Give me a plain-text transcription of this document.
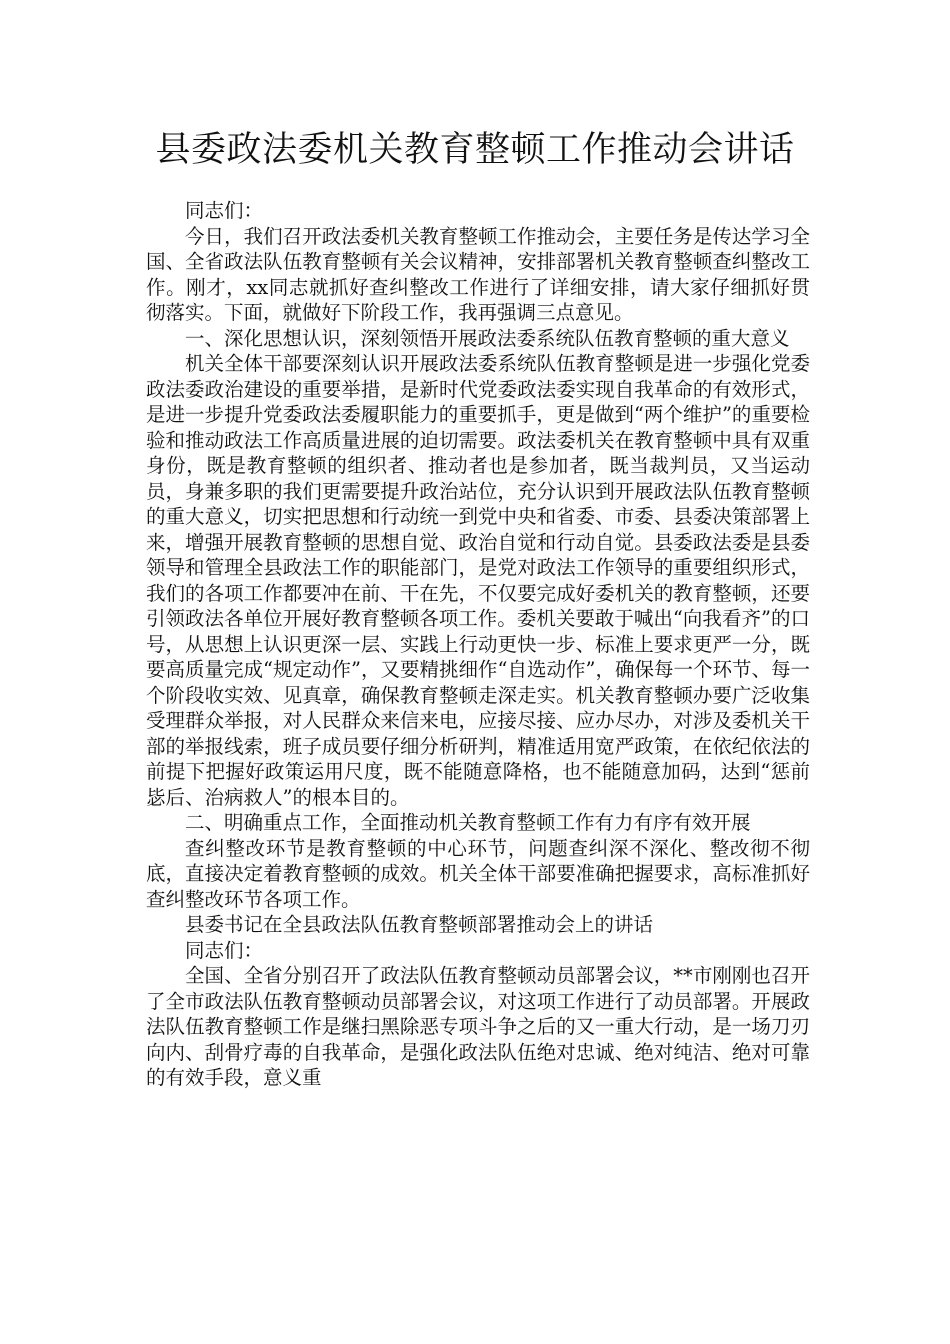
县委政法委机关教育整顿工作推动会讲话

同志们：

今日，我们召开政法委机关教育整顿工作推动会，主要任务是传达学习全国、全省政法队伍教育整顿有关会议精神，安排部署机关教育整顿查纠整改工作。刚才，xx同志就抓好查纠整改工作进行了详细安排，请大家仔细抓好贯彻落实。下面，就做好下阶段工作，我再强调三点意见。

一、深化思想认识，深刻领悟开展政法委系统队伍教育整顿的重大意义

机关全体干部要深刻认识开展政法委系统队伍教育整顿是进一步强化党委政法委政治建设的重要举措，是新时代党委政法委实现自我革命的有效形式，是进一步提升党委政法委履职能力的重要抓手，更是做到“两个维护”的重要检验和推动政法工作高质量进展的迫切需要。政法委机关在教育整顿中具有双重身份，既是教育整顿的组织者、推动者也是参加者，既当裁判员，又当运动员，身兼多职的我们更需要提升政治站位，充分认识到开展政法队伍教育整顿的重大意义，切实把思想和行动统一到党中央和省委、市委、县委决策部署上来，增强开展教育整顿的思想自觉、政治自觉和行动自觉。县委政法委是县委领导和管理全县政法工作的职能部门，是党对政法工作领导的重要组织形式，我们的各项工作都要冲在前、干在先，不仅要完成好委机关的教育整顿，还要引领政法各单位开展好教育整顿各项工作。委机关要敢于喊出“向我看齐”的口号，从思想上认识更深一层、实践上行动更快一步、标准上要求更严一分，既要高质量完成“规定动作”，又要精挑细作“自选动作”，确保每一个环节、每一个阶段收实效、见真章，确保教育整顿走深走实。机关教育整顿办要广泛收集受理群众举报，对人民群众来信来电，应接尽接、应办尽办，对涉及委机关干部的举报线索，班子成员要仔细分析研判，精准适用宽严政策，在依纪依法的前提下把握好政策运用尺度，既不能随意降格，也不能随意加码，达到“惩前毖后、治病救人”的根本目的。

二、明确重点工作，全面推动机关教育整顿工作有力有序有效开展

查纠整改环节是教育整顿的中心环节，问题查纠深不深化、整改彻不彻底，直接决定着教育整顿的成效。机关全体干部要准确把握要求，高标准抓好查纠整改环节各项工作。

县委书记在全县政法队伍教育整顿部署推动会上的讲话

同志们：

全国、全省分别召开了政法队伍教育整顿动员部署会议，**市刚刚也召开了全市政法队伍教育整顿动员部署会议，对这项工作进行了动员部署。开展政法队伍教育整顿工作是继扫黑除恶专项斗争之后的又一重大行动，是一场刀刃向内、刮骨疗毒的自我革命，是强化政法队伍绝对忠诚、绝对纯洁、绝对可靠的有效手段，意义重
